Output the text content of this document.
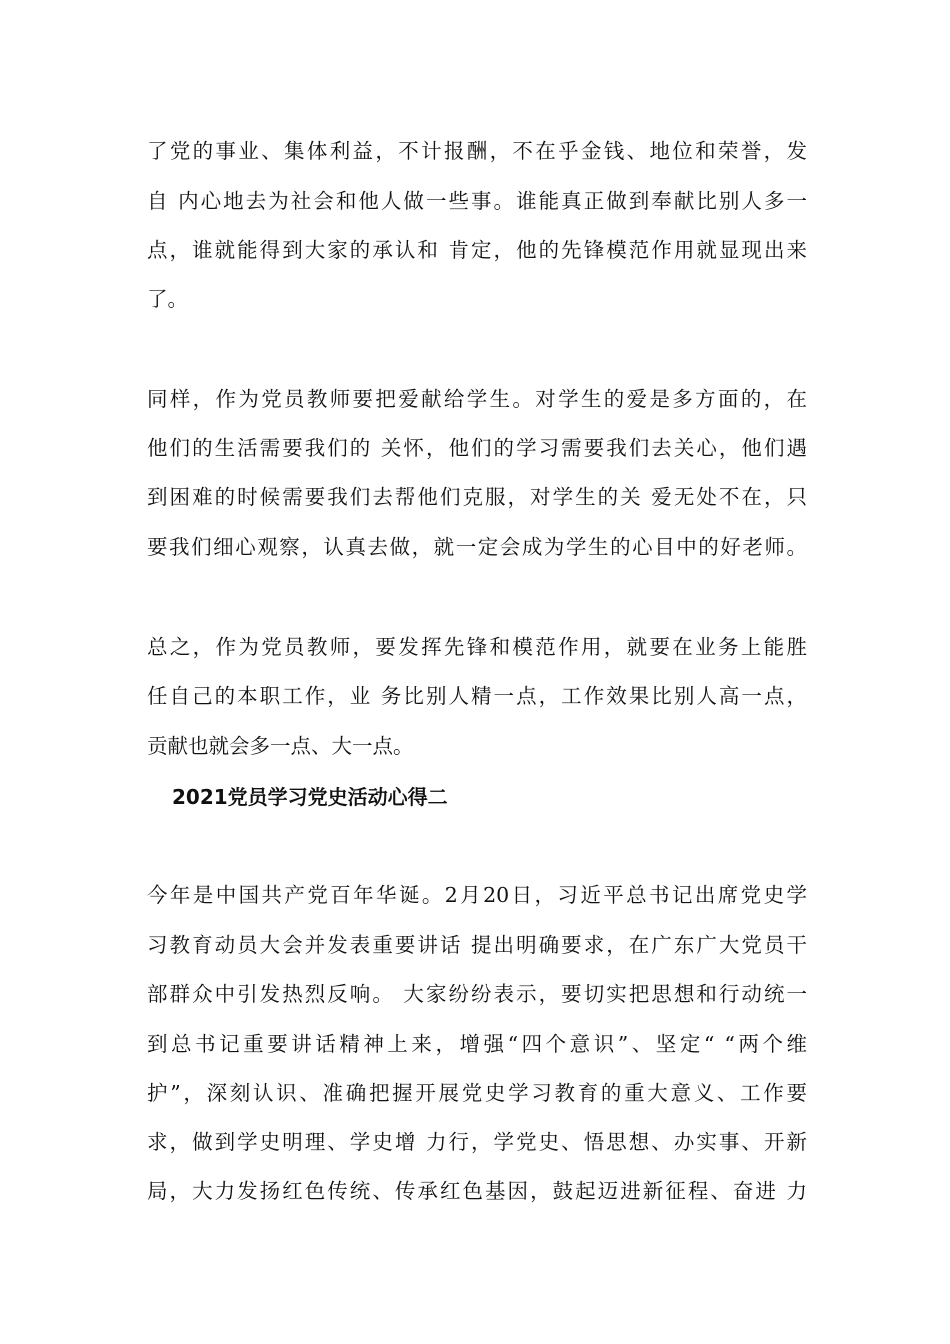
了党的事业、集体利益，不计报酬，不在乎金钱、地位和荣誉，发
自 内心地去为社会和他人做一些事。谁能真正做到奉献比别人多一
点，谁就能得到大家的承认和 肯定，他的先锋模范作用就显现出来
了。
同样，作为党员教师要把爱献给学生。对学生的爱是多方面的，在
他们的生活需要我们的 关怀，他们的学习需要我们去关心，他们遇
到困难的时候需要我们去帮他们克服，对学生的关 爱无处不在，只
要我们细心观察，认真去做，就一定会成为学生的心目中的好老师。
总之，作为党员教师，要发挥先锋和模范作用，就要在业务上能胜
任自己的本职工作，业 务比别人精一点，工作效果比别人高一点，
贡献也就会多一点、大一点。
2021党员学习党史活动心得二
今年是中国共产党百年华诞。2月20日，习近平总书记出席党史学
习教育动员大会并发表重要讲话 提出明确要求，在广东广大党员干
部群众中引发热烈反响。 大家纷纷表示，要切实把思想和行动统一
到总书记重要讲话精神上来，增强“四个意识”、坚定“ “两个维
护”，深刻认识、准确把握开展党史学习教育的重大意义、工作要
求，做到学史明理、学史增 力行，学党史、悟思想、办实事、开新
局，大力发扬红色传统、传承红色基因，鼓起迈进新征程、奋进 力
